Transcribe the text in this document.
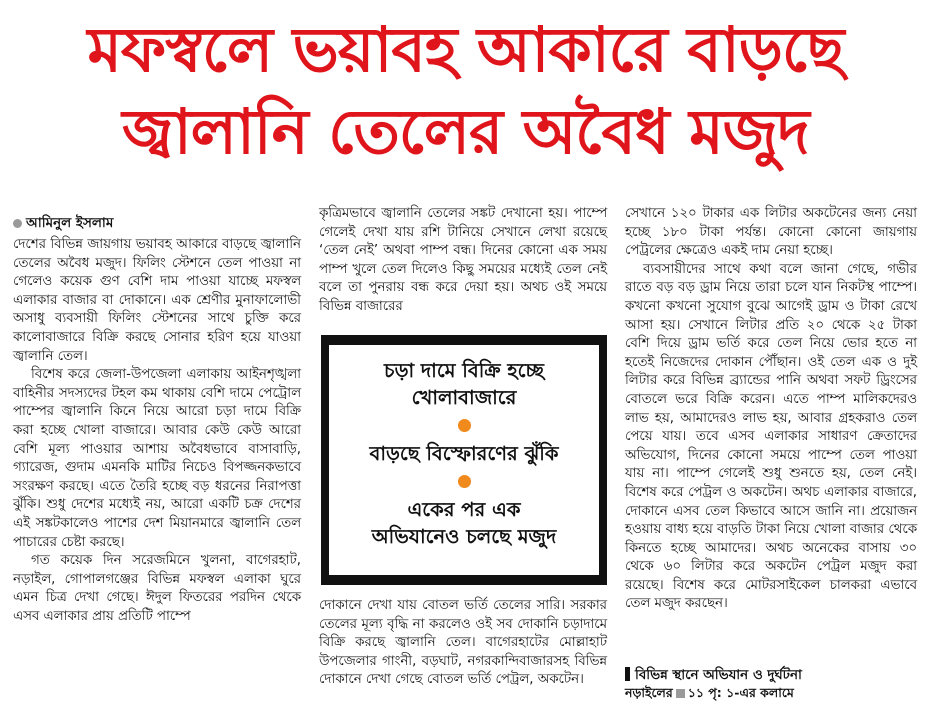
মফস্বলে ভয়াবহ আকারে বাড়ছে
জ্বালানি তেলের অবৈধ মজুদ
আমিনুল ইসলাম

দেশের বিভিন্ন জায়গায় ভয়াবহ আকারে বাড়ছে জ্বালানি তেলের অবৈধ মজুদ। ফিলিং স্টেশনে তেল পাওয়া না গেলেও কয়েক গুণ বেশি দাম পাওয়া যাচ্ছে মফস্বল এলাকার বাজার বা দোকানে। এক শ্রেণীর মুনাফালোভী অসাধু ব্যবসায়ী ফিলিং স্টেশনের সাথে চুক্তি করে কালোবাজারে বিক্রি করছে সোনার হরিণ হয়ে যাওয়া জ্বালানি তেল।

বিশেষ করে জেলা-উপজেলা এলাকায় আইনশৃঙ্খলা বাহিনীর সদস্যদের টহল কম থাকায় বেশি দামে পেট্রোল পাম্পের জ্বালানি কিনে নিয়ে আরো চড়া দামে বিক্রি করা হচ্ছে খোলা বাজারে। আবার কেউ কেউ আরো বেশি মূল্য পাওয়ার আশায় অবৈধভাবে বাসাবাড়ি, গ্যারেজ, গুদাম এমনকি মাটির নিচেও বিপজ্জনকভাবে সংরক্ষণ করছে। এতে তৈরি হচ্ছে বড় ধরনের নিরাপত্তা ঝুঁকি। শুধু দেশের মধ্যেই নয়, আরো একটি চক্র দেশের এই সঙ্কটকালেও পাশের দেশ মিয়ানমারে জ্বালানি তেল পাচারের চেষ্টা করছে।

গত কয়েক দিন সরেজমিনে খুলনা, বাগেরহাট, নড়াইল, গোপালগঞ্জের বিভিন্ন মফস্বল এলাকা ঘুরে এমন চিত্র দেখা গেছে। ঈদুল ফিতরের পরদিন থেকে এসব এলাকার প্রায় প্রতিটি পাম্পে

কৃত্রিমভাবে জ্বালানি তেলের সঙ্কট দেখানো হয়। পাম্পে গেলেই দেখা যায় রশি টানিয়ে সেখানে লেখা রয়েছে ‘তেল নেই’ অথবা পাম্প বন্ধ। দিনের কোনো এক সময় পাম্প খুলে তেল দিলেও কিছু সময়ের মধ্যেই তেল নেই বলে তা পুনরায় বন্ধ করে দেয়া হয়। অথচ ওই সময়ে বিভিন্ন বাজারের

চড়া দামে বিক্রি হচ্ছে
খোলাবাজারে
বাড়ছে বিস্ফোরণের ঝুঁকি
একের পর এক
অভিযানেও চলছে মজুদ

দোকানে দেখা যায় বোতল ভর্তি তেলের সারি। সরকার তেলের মূল্য বৃদ্ধি না করলেও ওই সব দোকানি চড়াদামে বিক্রি করছে জ্বালানি তেল। বাগেরহাটের মোল্লাহাট উপজেলার গাংনী, বড়ঘাট, নগরকান্দিবাজারসহ বিভিন্ন দোকানে দেখা গেছে বোতল ভর্তি পেট্রল, অকটেন।

সেখানে ১২০ টাকার এক লিটার অকটেনের জন্য নেয়া হচ্ছে ১৮০ টাকা পর্যন্ত। কোনো কোনো জায়গায় পেট্রলের ক্ষেত্রেও একই দাম নেয়া হচ্ছে।

ব্যবসায়ীদের সাথে কথা বলে জানা গেছে, গভীর রাতে বড় বড় ড্রাম নিয়ে তারা চলে যান নিকটস্থ পাম্পে। কখনো কখনো সুযোগ বুঝে আগেই ড্রাম ও টাকা রেখে আসা হয়। সেখানে লিটার প্রতি ২০ থেকে ২৫ টাকা বেশি দিয়ে ড্রাম ভর্তি করে তেল নিয়ে ভোর হতে না হতেই নিজেদের দোকান পৌঁছান। ওই তেল এক ও দুই লিটার করে বিভিন্ন ব্র্যান্ডের পানি অথবা সফট ড্রিংসের বোতলে ভরে বিক্রি করেন। এতে পাম্প মালিকদেরও লাভ হয়, আমাদেরও লাভ হয়, আবার গ্রহকরাও তেল পেয়ে যায়। তবে এসব এলাকার সাধারণ ক্রেতাদের অভিযোগ, দিনের কোনো সময়ে পাম্পে তেল পাওয়া যায় না। পাম্পে গেলেই শুধু শুনতে হয়, তেল নেই। বিশেষ করে পেট্রল ও অকটেন। অথচ এলাকার বাজারে, দোকানে এসব তেল কিভাবে আসে জানি না। প্রয়োজন হওয়ায় বাধ্য হয়ে বাড়তি টাকা নিয়ে খোলা বাজার থেকে কিনতে হচ্ছে আমাদের। অথচ অনেকের বাসায় ৩০ থেকে ৬০ লিটার করে অকটেন পেট্রল মজুদ করা রয়েছে। বিশেষ করে মোটরসাইকেল চালকরা এভাবে তেল মজুদ করছেন।

বিভিন্ন স্থানে অভিযান ও দুর্ঘটনা
নড়াইলের ১১ পৃ: ১-এর কলামে
